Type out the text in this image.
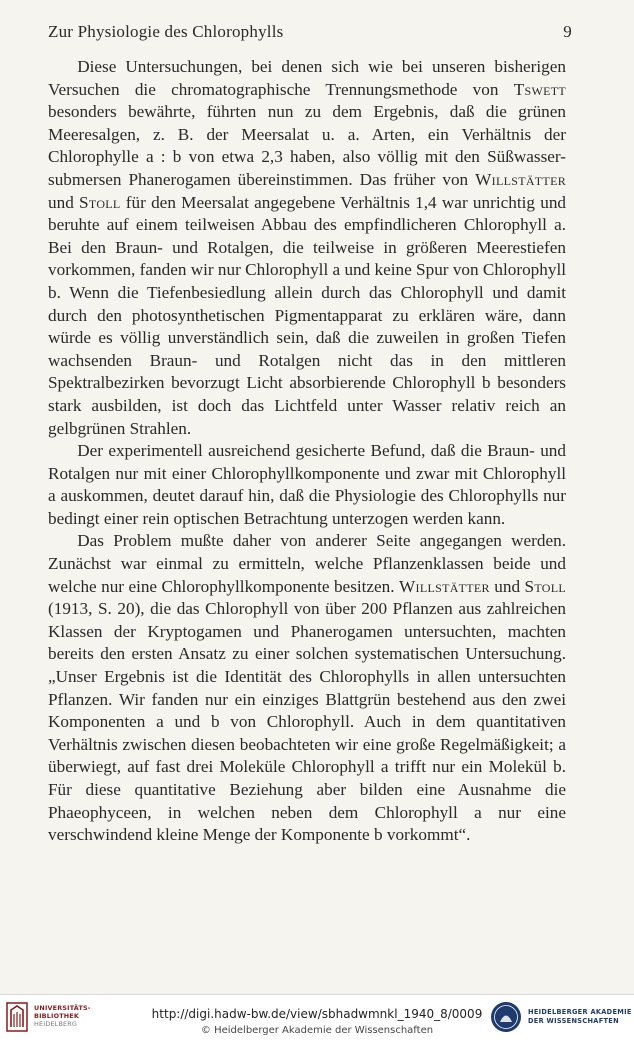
Zur Physiologie des Chlorophylls	9

Diese Untersuchungen, bei denen sich wie bei unseren bisherigen Versuchen die chromatographische Trennungsmethode von Tswett besonders bewährte, führten nun zu dem Ergebnis, daß die grünen Meeresalgen, z. B. der Meersalat u. a. Arten, ein Verhältnis der Chlorophylle a : b von etwa 2,3 haben, also völlig mit den Süßwasser-submersen Phanerogamen übereinstimmen. Das früher von Willstätter und Stoll für den Meersalat angegebene Verhältnis 1,4 war unrichtig und beruhte auf einem teilweisen Abbau des empfindlicheren Chlorophyll a. Bei den Braun- und Rotalgen, die teilweise in größeren Meerestiefen vorkommen, fanden wir nur Chlorophyll a und keine Spur von Chlorophyll b. Wenn die Tiefenbesiedlung allein durch das Chlorophyll und damit durch den photosynthetischen Pigmentapparat zu erklären wäre, dann würde es völlig unverständlich sein, daß die zuweilen in großen Tiefen wachsenden Braun- und Rotalgen nicht das in den mittleren Spektralbezirken bevorzugt Licht absorbierende Chlorophyll b besonders stark ausbilden, ist doch das Lichtfeld unter Wasser relativ reich an gelbgrünen Strahlen.

Der experimentell ausreichend gesicherte Befund, daß die Braun- und Rotalgen nur mit einer Chlorophyllkomponente und zwar mit Chlorophyll a auskommen, deutet darauf hin, daß die Physiologie des Chlorophylls nur bedingt einer rein optischen Betrachtung unterzogen werden kann.

Das Problem mußte daher von anderer Seite angegangen werden. Zunächst war einmal zu ermitteln, welche Pflanzenklassen beide und welche nur eine Chlorophyllkomponente besitzen. Willstätter und Stoll (1913, S. 20), die das Chlorophyll von über 200 Pflanzen aus zahlreichen Klassen der Kryptogamen und Phanerogamen untersuchten, machten bereits den ersten Ansatz zu einer solchen systematischen Untersuchung. „Unser Ergebnis ist die Identität des Chlorophylls in allen untersuchten Pflanzen. Wir fanden nur ein einziges Blattgrün bestehend aus den zwei Komponenten a und b von Chlorophyll. Auch in dem quantitativen Verhältnis zwischen diesen beobachteten wir eine große Regelmäßigkeit; a überwiegt, auf fast drei Moleküle Chlorophyll a trifft nur ein Molekül b. Für diese quantitative Beziehung aber bilden eine Ausnahme die Phaeophyceen, in welchen neben dem Chlorophyll a nur eine verschwindend kleine Menge der Komponente b vorkommt“.

UNIVERSITÄTS-
BIBLIOTHEK
HEIDELBERG
http://digi.hadw-bw.de/view/sbhadwmnkl_1940_8/0009
© Heidelberger Akademie der Wissenschaften
HEIDELBERGER AKADEMIE
DER WISSENSCHAFTEN
